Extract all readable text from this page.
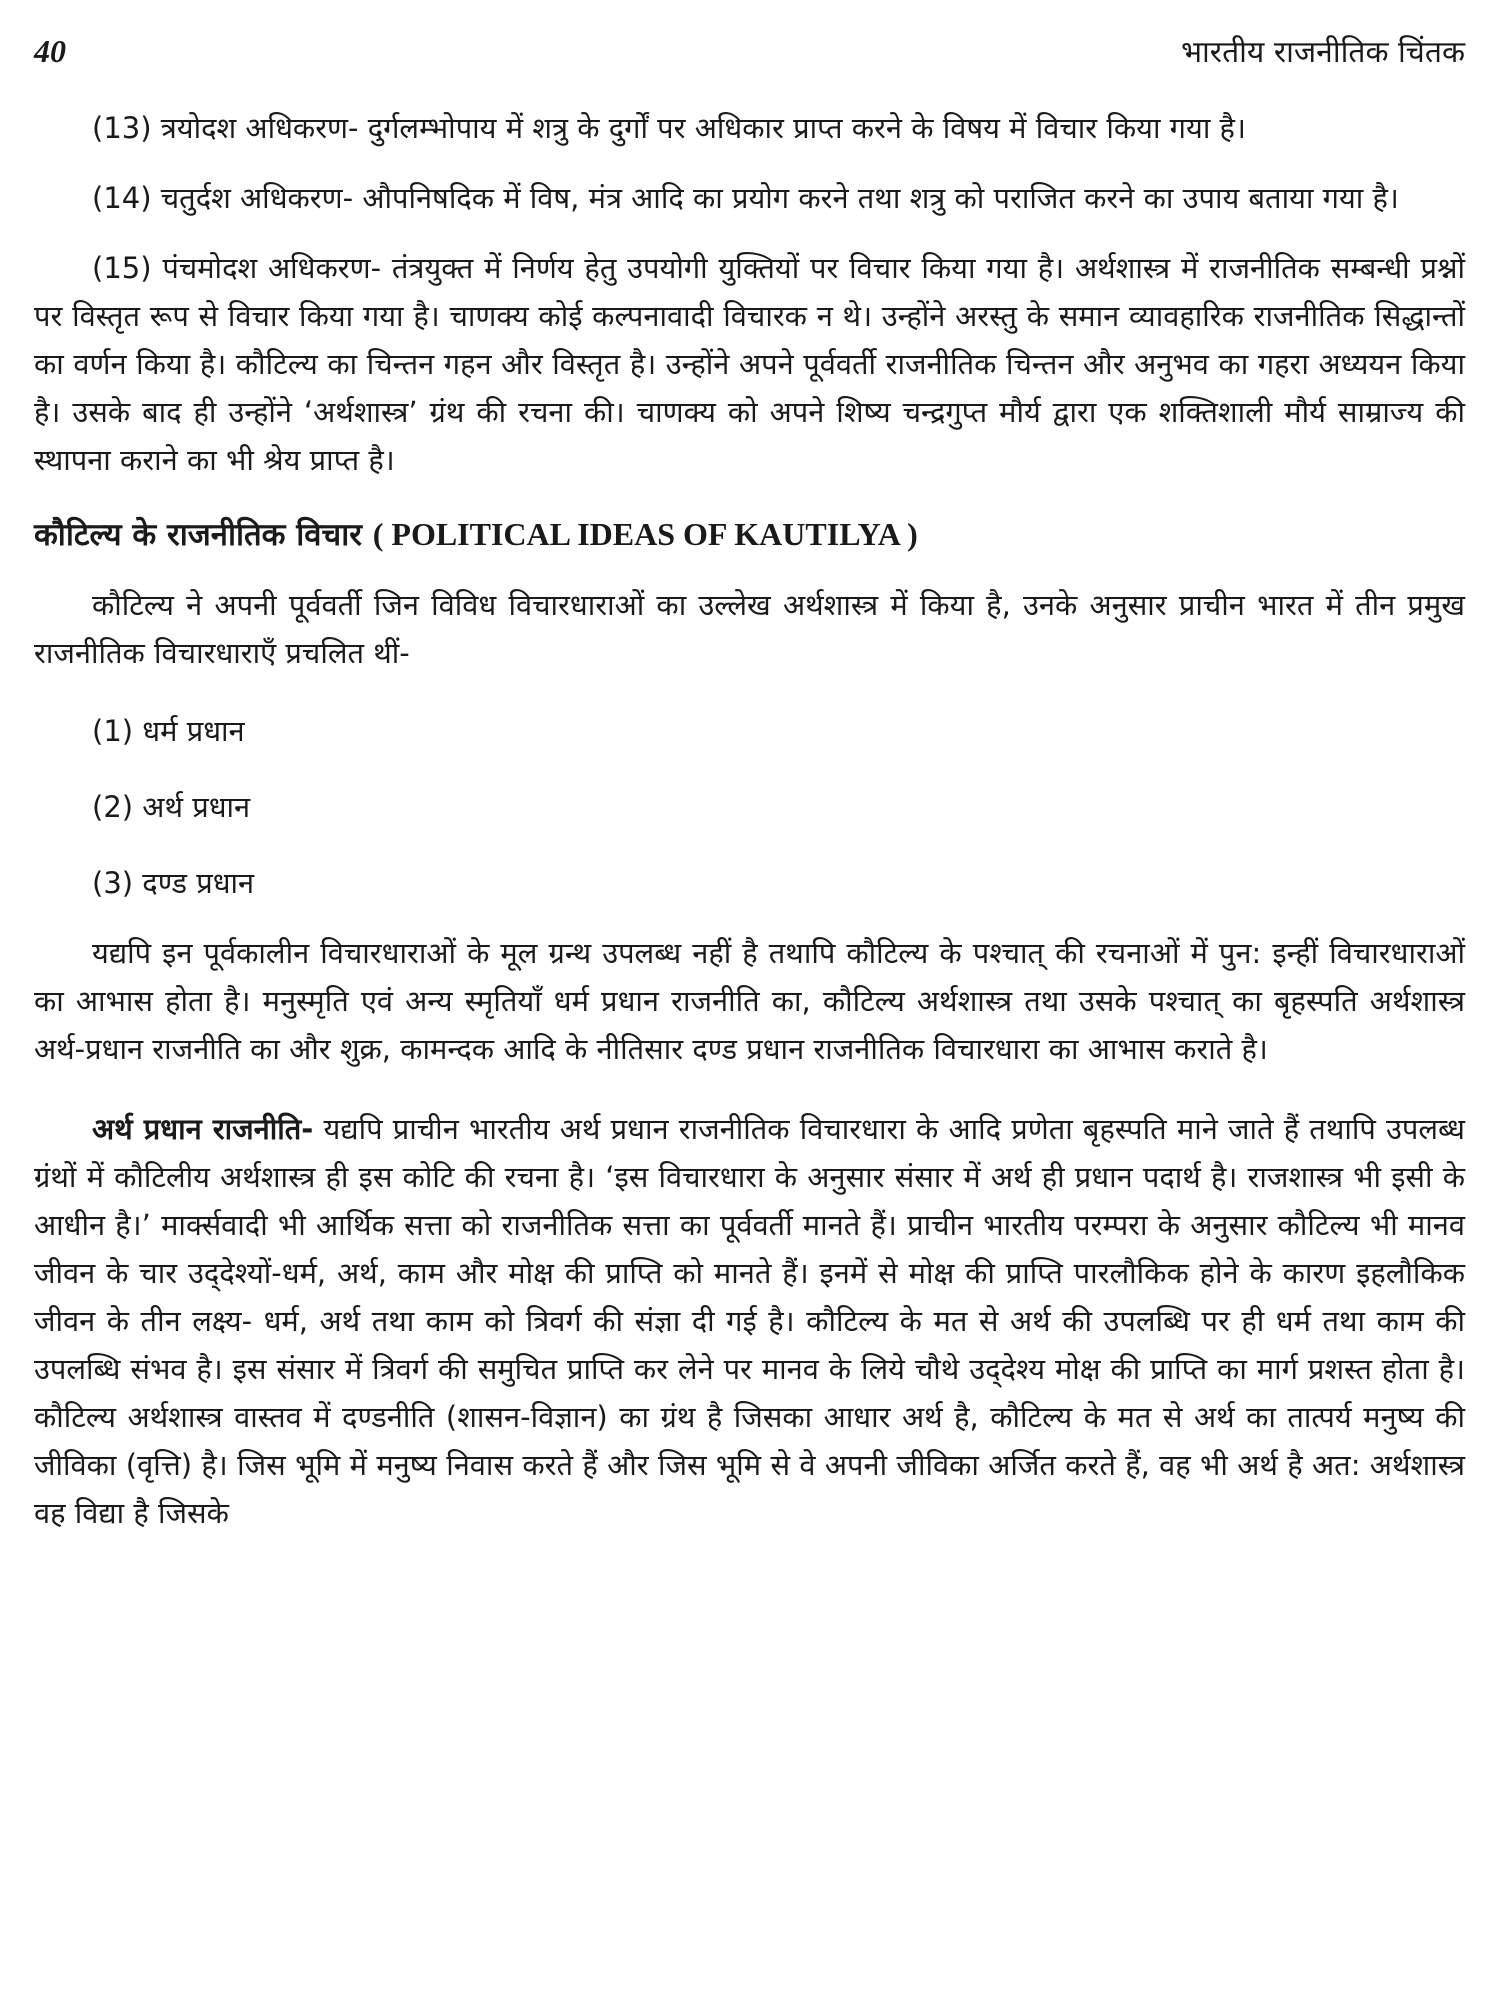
40	भारतीय राजनीतिक चिंतक

(13) त्रयोदश अधिकरण- दुर्गलम्भोपाय में शत्रु के दुर्गों पर अधिकार प्राप्त करने के विषय में विचार किया गया है।

(14) चतुर्दश अधिकरण- औपनिषदिक में विष, मंत्र आदि का प्रयोग करने तथा शत्रु को पराजित करने का उपाय बताया गया है।

(15) पंचमोदश अधिकरण- तंत्रयुक्त में निर्णय हेतु उपयोगी युक्तियों पर विचार किया गया है। अर्थशास्त्र में राजनीतिक सम्बन्धी प्रश्नों पर विस्तृत रूप से विचार किया गया है। चाणक्य कोई कल्पनावादी विचारक न थे। उन्होंने अरस्तु के समान व्यावहारिक राजनीतिक सिद्धान्तों का वर्णन किया है। कौटिल्य का चिन्तन गहन और विस्तृत है। उन्होंने अपने पूर्ववर्ती राजनीतिक चिन्तन और अनुभव का गहरा अध्ययन किया है। उसके बाद ही उन्होंने ‘अर्थशास्त्र’ ग्रंथ की रचना की। चाणक्य को अपने शिष्य चन्द्रगुप्त मौर्य द्वारा एक शक्तिशाली मौर्य साम्राज्य की स्थापना कराने का भी श्रेय प्राप्त है।

कौटिल्य के राजनीतिक विचार ( POLITICAL IDEAS OF KAUTILYA )

कौटिल्य ने अपनी पूर्ववर्ती जिन विविध विचारधाराओं का उल्लेख अर्थशास्त्र में किया है, उनके अनुसार प्राचीन भारत में तीन प्रमुख राजनीतिक विचारधाराएँ प्रचलित थीं-

(1) धर्म प्रधान

(2) अर्थ प्रधान

(3) दण्ड प्रधान

यद्यपि इन पूर्वकालीन विचारधाराओं के मूल ग्रन्थ उपलब्ध नहीं है तथापि कौटिल्य के पश्चात् की रचनाओं में पुन: इन्हीं विचारधाराओं का आभास होता है। मनुस्मृति एवं अन्य स्मृतियाँ धर्म प्रधान राजनीति का, कौटिल्य अर्थशास्त्र तथा उसके पश्चात् का बृहस्पति अर्थशास्त्र अर्थ-प्रधान राजनीति का और शुक्र, कामन्दक आदि के नीतिसार दण्ड प्रधान राजनीतिक विचारधारा का आभास कराते है।

अर्थ प्रधान राजनीति- यद्यपि प्राचीन भारतीय अर्थ प्रधान राजनीतिक विचारधारा के आदि प्रणेता बृहस्पति माने जाते हैं तथापि उपलब्ध ग्रंथों में कौटिलीय अर्थशास्त्र ही इस कोटि की रचना है। ‘इस विचारधारा के अनुसार संसार में अर्थ ही प्रधान पदार्थ है। राजशास्त्र भी इसी के आधीन है।’ मार्क्सवादी भी आर्थिक सत्ता को राजनीतिक सत्ता का पूर्ववर्ती मानते हैं। प्राचीन भारतीय परम्परा के अनुसार कौटिल्य भी मानव जीवन के चार उद्‌देश्यों-धर्म, अर्थ, काम और मोक्ष की प्राप्ति को मानते हैं। इनमें से मोक्ष की प्राप्ति पारलौकिक होने के कारण इहलौकिक जीवन के तीन लक्ष्य- धर्म, अर्थ तथा काम को त्रिवर्ग की संज्ञा दी गई है। कौटिल्य के मत से अर्थ की उपलब्धि पर ही धर्म तथा काम की उपलब्धि संभव है। इस संसार में त्रिवर्ग की समुचित प्राप्ति कर लेने पर मानव के लिये चौथे उद्‌देश्य मोक्ष की प्राप्ति का मार्ग प्रशस्त होता है। कौटिल्य अर्थशास्त्र वास्तव में दण्डनीति (शासन-विज्ञान) का ग्रंथ है जिसका आधार अर्थ है, कौटिल्य के मत से अर्थ का तात्पर्य मनुष्य की जीविका (वृत्ति) है। जिस भूमि में मनुष्य निवास करते हैं और जिस भूमि से वे अपनी जीविका अर्जित करते हैं, वह भी अर्थ है अत: अर्थशास्त्र वह विद्या है जिसके
